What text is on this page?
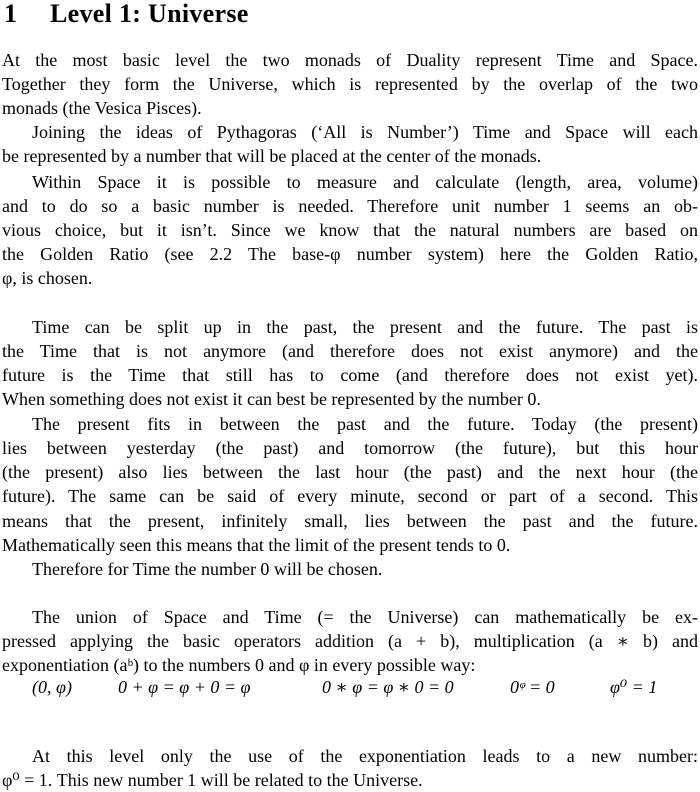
1 Level 1: Universe
At the most basic level the two monads of Duality represent Time and Space.
Together they form the Universe, which is represented by the overlap of the two
monads (the Vesica Pisces).
Joining the ideas of Pythagoras (‘All is Number’) Time and Space will each
be represented by a number that will be placed at the center of the monads.
Within Space it is possible to measure and calculate (length, area, volume)
and to do so a basic number is needed. Therefore unit number 1 seems an ob-
vious choice, but it isn’t. Since we know that the natural numbers are based on
the Golden Ratio (see 2.2 The base-φ number system) here the Golden Ratio,
φ, is chosen.
Time can be split up in the past, the present and the future. The past is
the Time that is not anymore (and therefore does not exist anymore) and the
future is the Time that still has to come (and therefore does not exist yet).
When something does not exist it can best be represented by the number 0.
The present fits in between the past and the future. Today (the present)
lies between yesterday (the past) and tomorrow (the future), but this hour
(the present) also lies between the last hour (the past) and the next hour (the
future). The same can be said of every minute, second or part of a second. This
means that the present, infinitely small, lies between the past and the future.
Mathematically seen this means that the limit of the present tends to 0.
Therefore for Time the number 0 will be chosen.
The union of Space and Time (= the Universe) can mathematically be ex-
pressed applying the basic operators addition (a + b), multiplication (a ∗ b) and
exponentiation (aᵇ) to the numbers 0 and φ in every possible way:
(0, φ)	0 + φ = φ + 0 = φ	0 ∗ φ = φ ∗ 0 = 0	0ᵠ = 0	φ⁰ = 1
At this level only the use of the exponentiation leads to a new number:
φ⁰ = 1. This new number 1 will be related to the Universe.
